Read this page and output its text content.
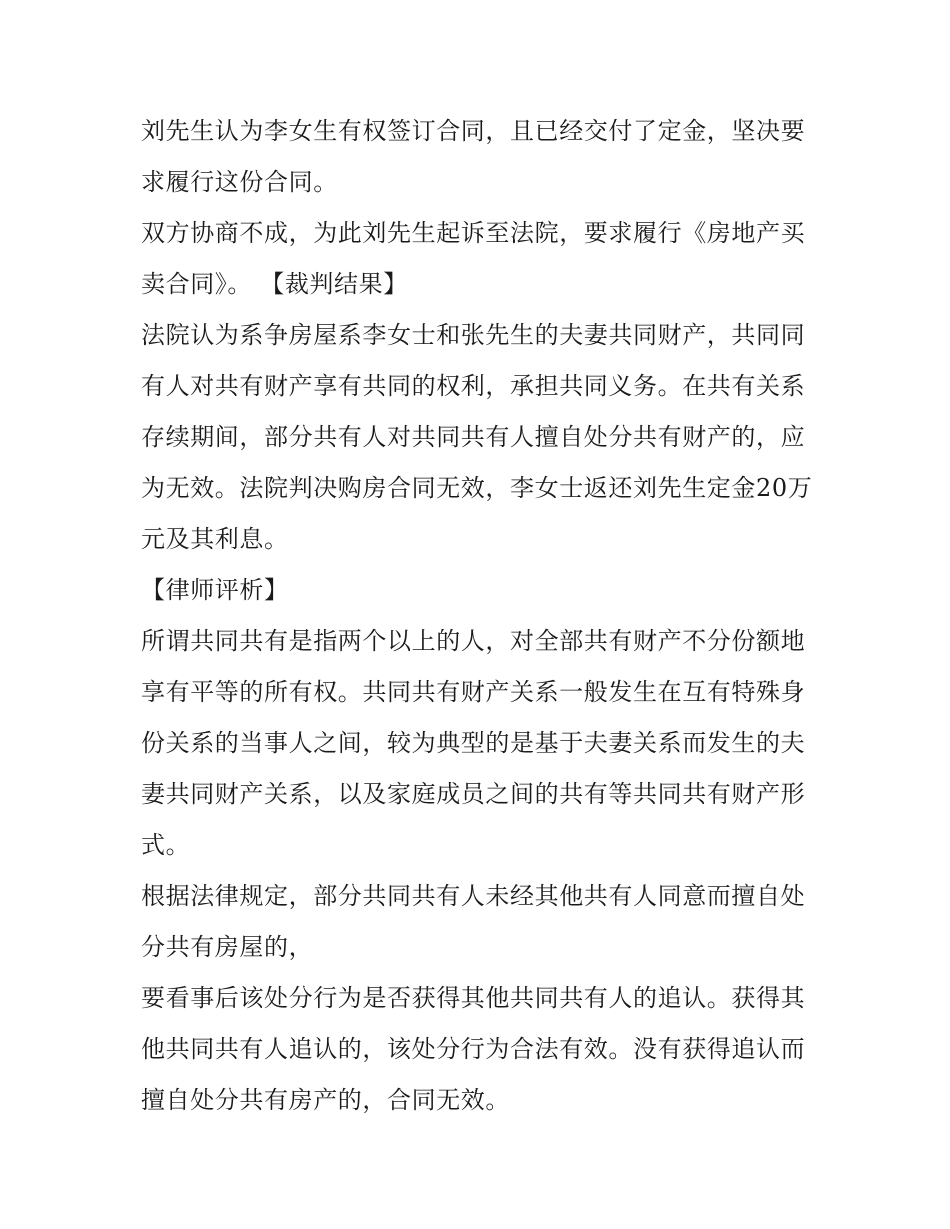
刘先生认为李女生有权签订合同，且已经交付了定金，坚决要求履行这份合同。

双方协商不成，为此刘先生起诉至法院，要求履行《房地产买卖合同》。 【裁判结果】

法院认为系争房屋系李女士和张先生的夫妻共同财产，共同同有人对共有财产享有共同的权利，承担共同义务。在共有关系存续期间，部分共有人对共同共有人擅自处分共有财产的，应为无效。法院判决购房合同无效，李女士返还刘先生定金20万元及其利息。

【律师评析】

所谓共同共有是指两个以上的人，对全部共有财产不分份额地享有平等的所有权。共同共有财产关系一般发生在互有特殊身份关系的当事人之间，较为典型的是基于夫妻关系而发生的夫妻共同财产关系，以及家庭成员之间的共有等共同共有财产形式。

根据法律规定，部分共同共有人未经其他共有人同意而擅自处分共有房屋的，

要看事后该处分行为是否获得其他共同共有人的追认。获得其他共同共有人追认的，该处分行为合法有效。没有获得追认而擅自处分共有房产的，合同无效。
